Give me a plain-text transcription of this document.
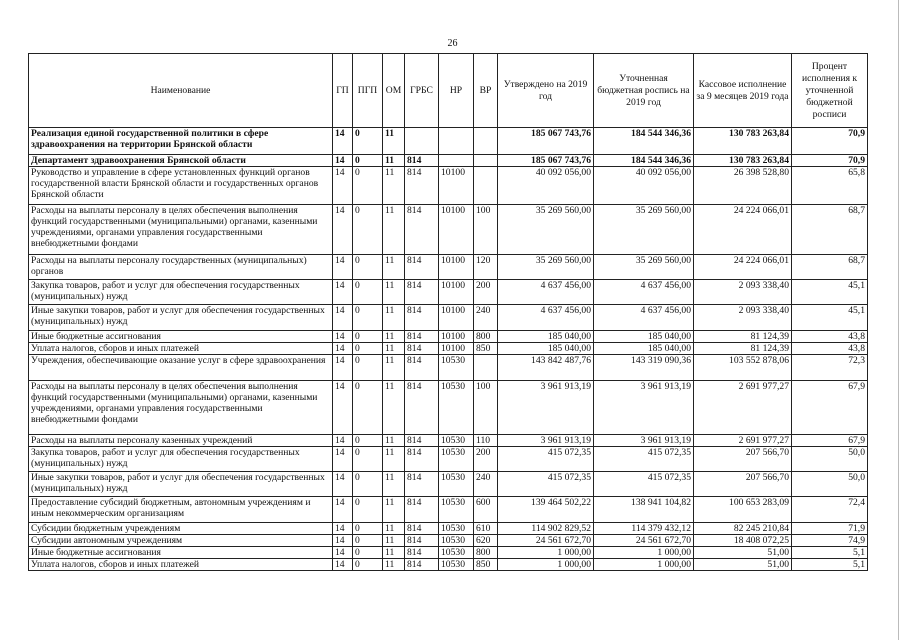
26
Наименование	ГП	ПГП	ОМ	ГРБС	НР	ВР	Утверждено на 2019 год	Уточненная бюджетная роспись на 2019 год	Кассовое исполнение за 9 месяцев 2019 года	Процент исполнения к уточненной бюджетной росписи
Реализация единой государственной политики в сфере здравоохранения на территории Брянской области	14	0	11				185 067 743,76	184 544 346,36	130 783 263,84	70,9
Департамент здравоохранения Брянской области	14	0	11	814			185 067 743,76	184 544 346,36	130 783 263,84	70,9
Руководство и управление в сфере установленных функций органов государственной власти Брянской области и государственных органов Брянской области	14	0	11	814	10100		40 092 056,00	40 092 056,00	26 398 528,80	65,8
Расходы на выплаты персоналу в целях обеспечения выполнения функций государственными (муниципальными) органами, казенными учреждениями, органами управления государственными внебюджетными фондами	14	0	11	814	10100	100	35 269 560,00	35 269 560,00	24 224 066,01	68,7
Расходы на выплаты персоналу государственных (муниципальных) органов	14	0	11	814	10100	120	35 269 560,00	35 269 560,00	24 224 066,01	68,7
Закупка товаров, работ и услуг для обеспечения государственных (муниципальных) нужд	14	0	11	814	10100	200	4 637 456,00	4 637 456,00	2 093 338,40	45,1
Иные закупки товаров, работ и услуг для обеспечения государственных (муниципальных) нужд	14	0	11	814	10100	240	4 637 456,00	4 637 456,00	2 093 338,40	45,1
Иные бюджетные ассигнования	14	0	11	814	10100	800	185 040,00	185 040,00	81 124,39	43,8
Уплата налогов, сборов и иных платежей	14	0	11	814	10100	850	185 040,00	185 040,00	81 124,39	43,8
Учреждения, обеспечивающие оказание услуг в сфере здравоохранения	14	0	11	814	10530		143 842 487,76	143 319 090,36	103 552 878,06	72,3
Расходы на выплаты персоналу в целях обеспечения выполнения функций государственными (муниципальными) органами, казенными учреждениями, органами управления государственными внебюджетными фондами	14	0	11	814	10530	100	3 961 913,19	3 961 913,19	2 691 977,27	67,9
Расходы на выплаты персоналу казенных учреждений	14	0	11	814	10530	110	3 961 913,19	3 961 913,19	2 691 977,27	67,9
Закупка товаров, работ и услуг для обеспечения государственных (муниципальных) нужд	14	0	11	814	10530	200	415 072,35	415 072,35	207 566,70	50,0
Иные закупки товаров, работ и услуг для обеспечения государственных (муниципальных) нужд	14	0	11	814	10530	240	415 072,35	415 072,35	207 566,70	50,0
Предоставление субсидий бюджетным, автономным учреждениям и иным некоммерческим организациям	14	0	11	814	10530	600	139 464 502,22	138 941 104,82	100 653 283,09	72,4
Субсидии бюджетным учреждениям	14	0	11	814	10530	610	114 902 829,52	114 379 432,12	82 245 210,84	71,9
Субсидии автономным учреждениям	14	0	11	814	10530	620	24 561 672,70	24 561 672,70	18 408 072,25	74,9
Иные бюджетные ассигнования	14	0	11	814	10530	800	1 000,00	1 000,00	51,00	5,1
Уплата налогов, сборов и иных платежей	14	0	11	814	10530	850	1 000,00	1 000,00	51,00	5,1
